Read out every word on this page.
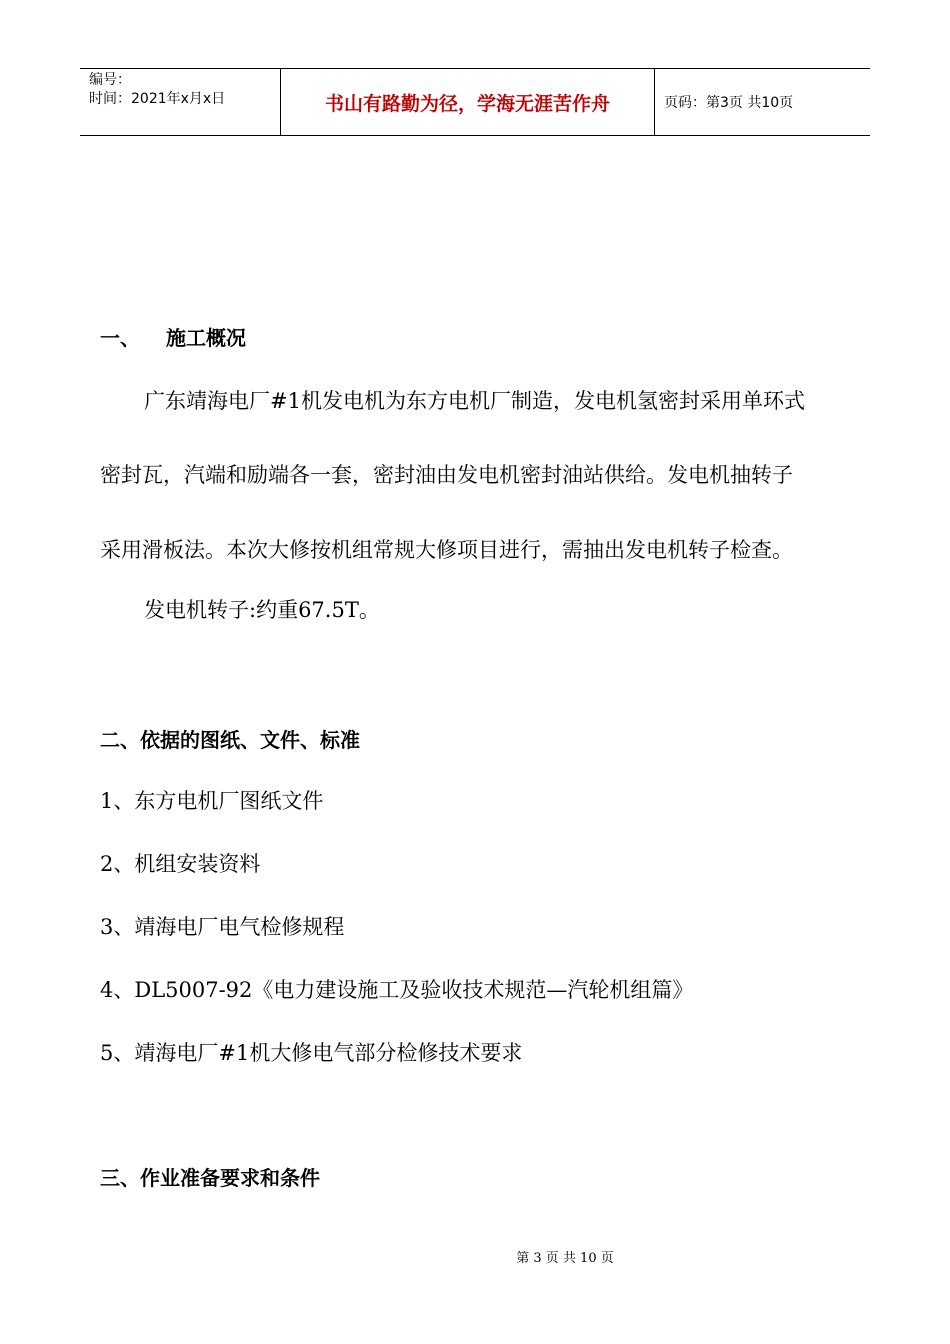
编号：
时间：2021年x月x日	书山有路勤为径，学海无涯苦作舟	页码：第3页 共10页
一、 施工概况
广东靖海电厂#1机发电机为东方电机厂制造，发电机氢密封采用单环式
密封瓦，汽端和励端各一套，密封油由发电机密封油站供给。发电机抽转子
采用滑板法。本次大修按机组常规大修项目进行，需抽出发电机转子检查。
发电机转子:约重67.5T。
二、依据的图纸、文件、标准
1、东方电机厂图纸文件
2、机组安装资料
3、靖海电厂电气检修规程
4、DL5007-92《电力建设施工及验收技术规范—汽轮机组篇》
5、靖海电厂#1机大修电气部分检修技术要求
三、作业准备要求和条件
第 3 页 共 10 页
